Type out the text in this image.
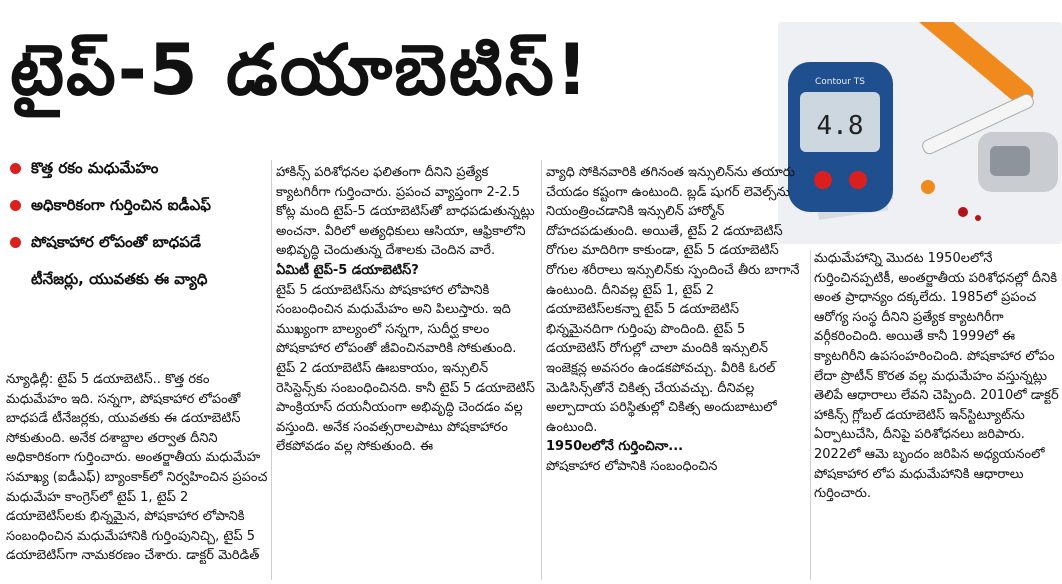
టైప్-5 డయాబెటిస్!
4.8
Contour TS
కొత్త రకం మధుమేహం
అధికారికంగా గుర్తించిన ఐడీఎఫ్
పోషకాహార లోపంతో బాధపడే
టీనేజర్లు, యువతకు ఈ వ్యాధి

న్యూఢిల్లీ: టైప్ 5 డయాబెటిస్.. కొత్త రకం మధుమేహం ఇది. సన్నగా, పోషకాహార లోపంతో బాధపడే టీనేజర్లకు, యువతకు ఈ డయాబెటిస్ సోకుతుంది. అనేక దశాబ్దాల తర్వాత దీనిని అధికారికంగా గుర్తించారు. అంతర్జాతీయ మధుమేహ సమాఖ్య (ఐడీఎఫ్) బ్యాంకాక్‌లో నిర్వహించిన ప్రపంచ మధుమేహ కాంగ్రెస్‌లో టైప్ 1, టైప్ 2 డయాబెటిస్‌లకు భిన్నమైన, పోషకాహార లోపానికి సంబంధించిన మధుమేహానికి గుర్తింపునిచ్చి, టైప్ 5 డయాబెటిస్‌గా నామకరణం చేశారు. డాక్టర్ మెరిడిత్

హాకిన్స్ పరిశోధనల ఫలితంగా దీనిని ప్రత్యేక క్యాటగిరీగా గుర్తించారు. ప్రపంచ వ్యాప్తంగా 2-2.5 కోట్ల మంది టైప్-5 డయాబెటిస్‌తో బాధపడుతున్నట్లు అంచనా. వీరిలో అత్యధికులు ఆసియా, ఆఫ్రికాలోని అభివృద్ధి చెందుతున్న దేశాలకు చెందిన వారే.

ఏమిటీ టైప్-5 డయాబెటిస్?

టైప్ 5 డయాబెటిస్‌ను పోషకాహార లోపానికి సంబంధించిన మధుమేహం అని పిలుస్తారు. ఇది ముఖ్యంగా బాల్యంలో సన్నగా, సుదీర్ఘ కాలం పోషకాహార లోపంతో జీవించినవారికి సోకుతుంది. టైప్ 2 డయాబెటిస్ ఊబకాయం, ఇన్సులిన్ రెసిస్టెన్స్‌కు సంబంధించినది. కానీ టైప్ 5 డయాబెటిస్ పాంక్రియాస్ దయనీయంగా అభివృద్ధి చెందడం వల్ల వస్తుంది. అనేక సంవత్సరాలపాటు పోషకాహారం లేకపోవడం వల్ల సోకుతుంది. ఈ

వ్యాధి సోకినవారికి తగినంత ఇన్సులిన్‌ను తయారు చేయడం కష్టంగా ఉంటుంది. బ్లడ్ షుగర్ లెవెల్స్‌ను నియంత్రించడానికి ఇన్సులిన్ హార్మోన్ దోహదపడుతుంది. అయితే, టైప్ 2 డయాబెటిస్ రోగుల మాదిరిగా కాకుండా, టైప్ 5 డయాబెటిస్ రోగుల శరీరాలు ఇన్సులిన్‌కు స్పందించే తీరు బాగానే ఉంటుంది. దీనివల్ల టైప్ 1, టైప్ 2 డయాబెటిస్‌లకన్నా టైప్ 5 డయాబెటిస్ భిన్నమైనదిగా గుర్తింపు పొందింది. టైప్ 5 డయాబెటిస్ రోగుల్లో చాలా మందికి ఇన్సులిన్ ఇంజెక్షన్ల అవసరం ఉండకపోవచ్చు. వీరికి ఓరల్ మెడిసిన్స్‌తోనే చికిత్స చేయవచ్చు. దీనివల్ల అల్పాదాయ పరిస్థితుల్లో చికిత్స అందుబాటులో ఉంటుంది.

1950లలోనే గుర్తించినా...

పోషకాహార లోపానికి సంబంధించిన

మధుమేహాన్ని మొదట 1950లలోనే గుర్తించినప్పటికీ, అంతర్జాతీయ పరిశోధనల్లో దీనికి అంత ప్రాధాన్యం దక్కలేదు. 1985లో ప్రపంచ ఆరోగ్య సంస్థ దీనిని ప్రత్యేక క్యాటగిరీగా వర్గీకరించింది. అయితే కానీ 1999లో ఈ క్యాటగిరీని ఉపసంహరించింది. పోషకాహార లోపం లేదా ప్రొటీన్ కొరత వల్ల మధుమేహం వస్తున్నట్లు తెలిపే ఆధారాలు లేవని చెప్పింది. 2010లో డాక్టర్ హాకిన్స్ గ్లోబల్ డయాబెటిస్ ఇన్‌స్టిట్యూట్‌ను ఏర్పాటుచేసి, దీనిపై పరిశోధనలు జరిపారు. 2022లో ఆమె బృందం జరిపిన అధ్యయనంలో పోషకాహార లోప మధుమేహానికి ఆధారాలు గుర్తించారు.
